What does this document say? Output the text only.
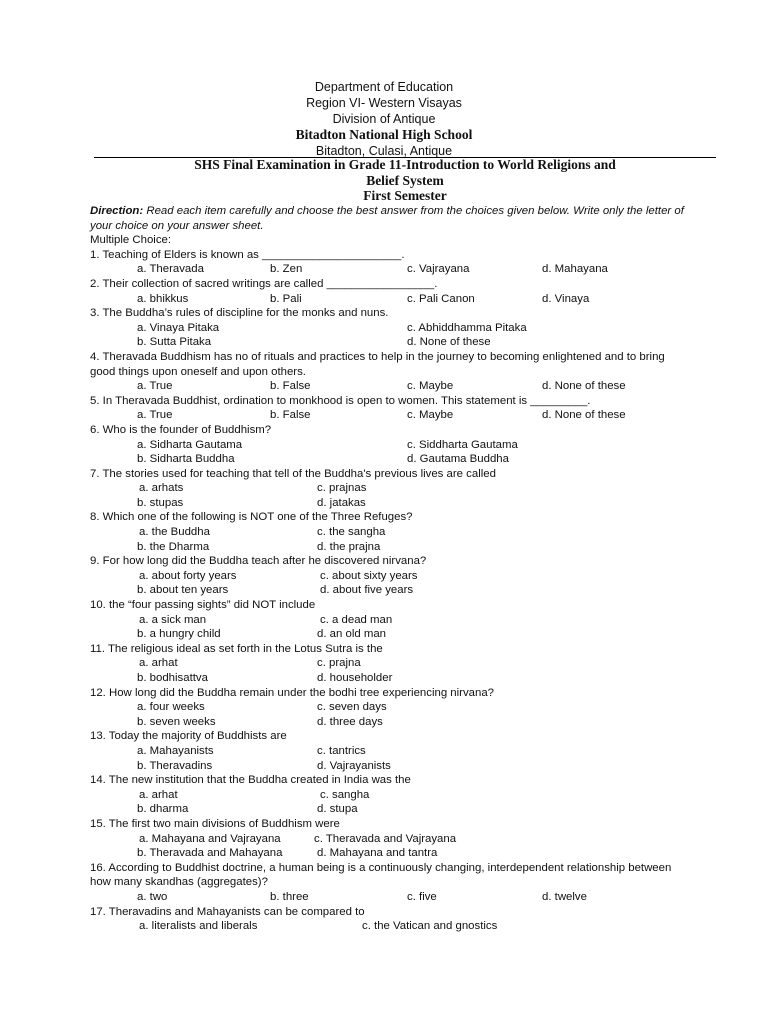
Department of Education
Region VI- Western Visayas
Division of Antique
Bitadton National High School
Bitadton, Culasi, Antique
SHS Final Examination in Grade 11-Introduction to World Religions and
Belief System
First Semester
Direction: Read each item carefully and choose the best answer from the choices given below. Write only the letter of your choice on your answer sheet.
Multiple Choice:
1. Teaching of Elders is known as ______________________.
a. Theravada	b. Zen	c. Vajrayana	d. Mahayana
2. Their collection of sacred writings are called _________________.
a. bhikkus	b. Pali	c. Pali Canon	d. Vinaya
3. The Buddha’s rules of discipline for the monks and nuns.
a. Vinaya Pitaka	c. Abhiddhamma Pitaka
b. Sutta Pitaka	d. None of these
4. Theravada Buddhism has no of rituals and practices to help in the journey to becoming enlightened and to bring good things upon oneself and upon others.
a. True	b. False	c. Maybe	d. None of these
5. In Theravada Buddhist, ordination to monkhood is open to women. This statement is _________.
a. True	b. False	c. Maybe	d. None of these
6. Who is the founder of Buddhism?
a. Sidharta Gautama	c. Siddharta Gautama
b. Sidharta Buddha	d. Gautama Buddha
7. The stories used for teaching that tell of the Buddha's previous lives are called
a. arhats	c. prajnas
b. stupas	d. jatakas
8. Which one of the following is NOT one of the Three Refuges?
a. the Buddha	c. the sangha
b. the Dharma	d. the prajna
9. For how long did the Buddha teach after he discovered nirvana?
a. about forty years	c. about sixty years
b. about ten years	d. about five years
10. the “four passing sights” did NOT include
a. a sick man	c. a dead man
b. a hungry child	d. an old man
11. The religious ideal as set forth in the Lotus Sutra is the
a. arhat	c. prajna
b. bodhisattva	d. householder
12. How long did the Buddha remain under the bodhi tree experiencing nirvana?
a. four weeks	c. seven days
b. seven weeks	d. three days
13. Today the majority of Buddhists are
a. Mahayanists	c. tantrics
b. Theravadins	d. Vajrayanists
14. The new institution that the Buddha created in India was the
a. arhat	c. sangha
b. dharma	d. stupa
15. The first two main divisions of Buddhism were
a. Mahayana and Vajrayana	c. Theravada and Vajrayana
b. Theravada and Mahayana	d. Mahayana and tantra
16. According to Buddhist doctrine, a human being is a continuously changing, interdependent relationship between how many skandhas (aggregates)?
a. two	b. three	c. five	d. twelve
17. Theravadins and Mahayanists can be compared to
a. literalists and liberals	c. the Vatican and gnostics
